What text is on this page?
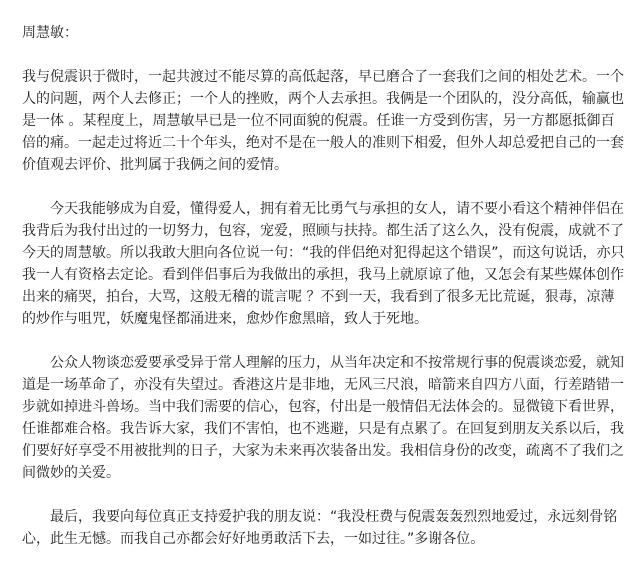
周慧敏：
我与倪震识于微时，一起共渡过不能尽算的高低起落，早已磨合了一套我们之间的相处艺术。一个
人的问题，两个人去修正；一个人的挫败，两个人去承担。我俩是一个团队的，没分高低，输赢也
是一体 。某程度上，周慧敏早已是一位不同面貌的倪震。任谁一方受到伤害，另一方都愿抵御百
倍的痛。一起走过将近二十个年头，绝对不是在一般人的准则下相爱，但外人却总爱把自己的一套
价值观去评价、批判属于我俩之间的爱情。
今天我能够成为自爱，懂得爱人，拥有着无比勇气与承担的女人，请不要小看这个精神伴侣在
我背后为我付出过的一切努力，包容，宠爱，照顾与扶持。都生活了这么久，没有倪震，成就不了
今天的周慧敏。所以我敢大胆向各位说一句：“我的伴侣绝对犯得起这个错误”，而这句说话，亦只
我一人有资格去定论。看到伴侣事后为我做出的承担，我马上就原谅了他，又怎会有某些媒体创作
出来的痛哭，拍台，大骂，这般无稽的谎言呢 ？不到一天，我看到了很多无比荒诞，狠毒，凉薄
的炒作与咀咒，妖魔鬼怪都涌进来，愈炒作愈黑暗，致人于死地。
公众人物谈恋爱要承受异于常人理解的压力，从当年决定和不按常规行事的倪震谈恋爱，就知
道是一场革命了，亦没有失望过。香港这片是非地，无风三尺浪，暗箭来自四方八面，行差踏错一
步就如掉进斗兽场。当中我们需要的信心，包容，付出是一般情侣无法体会的。显微镜下看世界，
任谁都难合格。我告诉大家，我们不害怕，也不逃避，只是有点累了。在回复到朋友关系以后，我
们要好好享受不用被批判的日子，大家为未来再次装备出发。我相信身份的改变，疏离不了我们之
间微妙的关爱。
最后，我要向每位真正支持爱护我的朋友说：“我没枉费与倪震轰轰烈烈地爱过，永远刻骨铭
心，此生无憾。而我自己亦都会好好地勇敢活下去，一如过往。”多谢各位。
